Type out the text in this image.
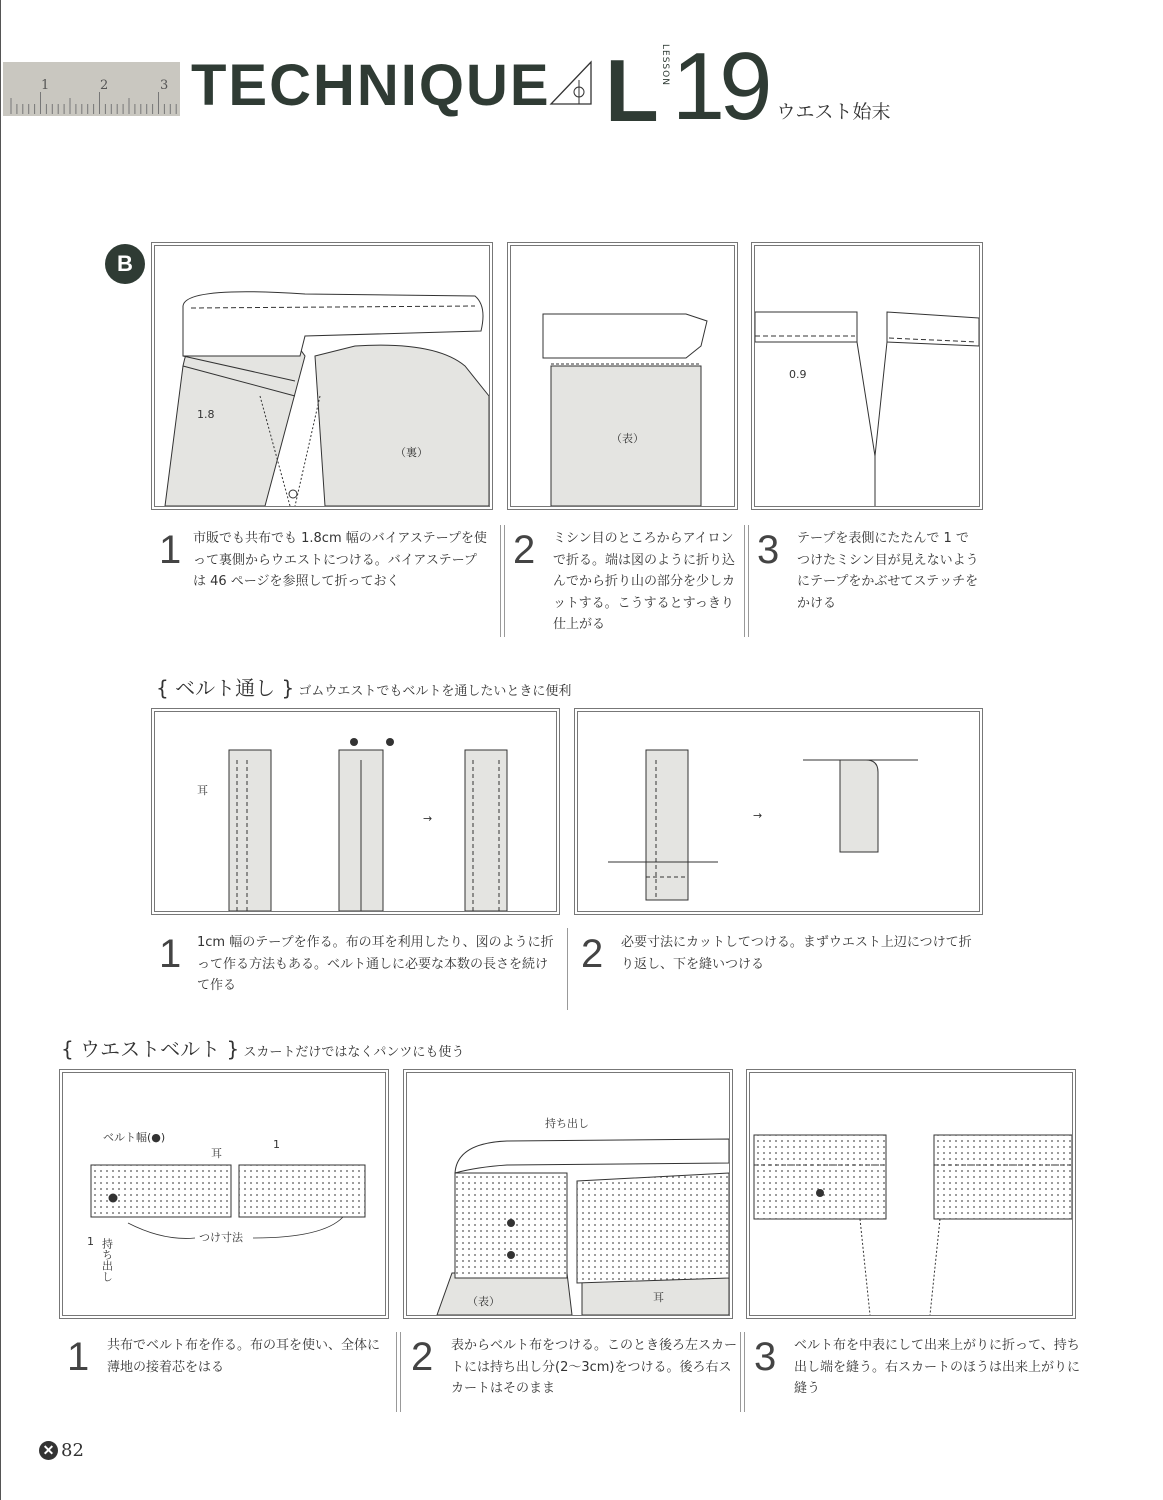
1	2	3 TECHNIQUE L LESSON 19 ウエスト始末
B
1.8
（裏）
（表）
0.9
1 市販でも共布でも 1.8cm 幅のバイアステープを使って裏側からウエストにつける。バイアステープは 46 ページを参照して折っておく
2 ミシン目のところからアイロンで折る。端は図のように折り込んでから折り山の部分を少しカットする。こうするとすっきり仕上がる
3 テープを表側にたたんで 1 でつけたミシン目が見えないようにテープをかぶせてステッチをかける
{ ベルト通し } ゴムウエストでもベルトを通したいときに便利
耳
→	→
1 1cm 幅のテープを作る。布の耳を利用したり、図のように折って作る方法もある。ベルト通しに必要な本数の長さを続けて作る
2 必要寸法にカットしてつける。まずウエスト上辺につけて折り返し、下を縫いつける
{ ウエストベルト } スカートだけではなくパンツにも使う
ベルト幅(●)
耳
1
1 持ち出し
つけ寸法
持ち出し
（表）	耳
1 共布でベルト布を作る。布の耳を使い、全体に薄地の接着芯をはる	2 表からベルト布をつける。このとき後ろ左スカートには持ち出し分(2～3cm)をつける。後ろ右スカートはそのまま
3 ベルト布を中表にして出来上がりに折って、持ち出し端を縫う。右スカートのほうは出来上がりに縫う
✕ 82
